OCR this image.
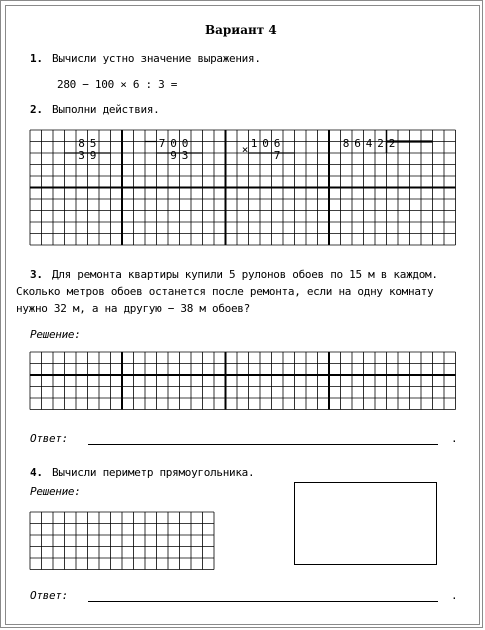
Вариант 4
1. Вычисли устно значение выражения.
280 − 100 × 6 : 3 =
2. Выполни действия.
8 5
3 9
7 0 0
9 3
1 0 6
7
8 6 4 2 2
×
3. Для ремонта квартиры купили 5 рулонов обоев по 15 м в каждом.
Сколько метров обоев останется после ремонта, если на одну комнату
нужно 32 м, а на другую − 38 м обоев?
Решение:
Ответ:	.
4. Вычисли периметр прямоугольника.
Решение:
Ответ:	.
